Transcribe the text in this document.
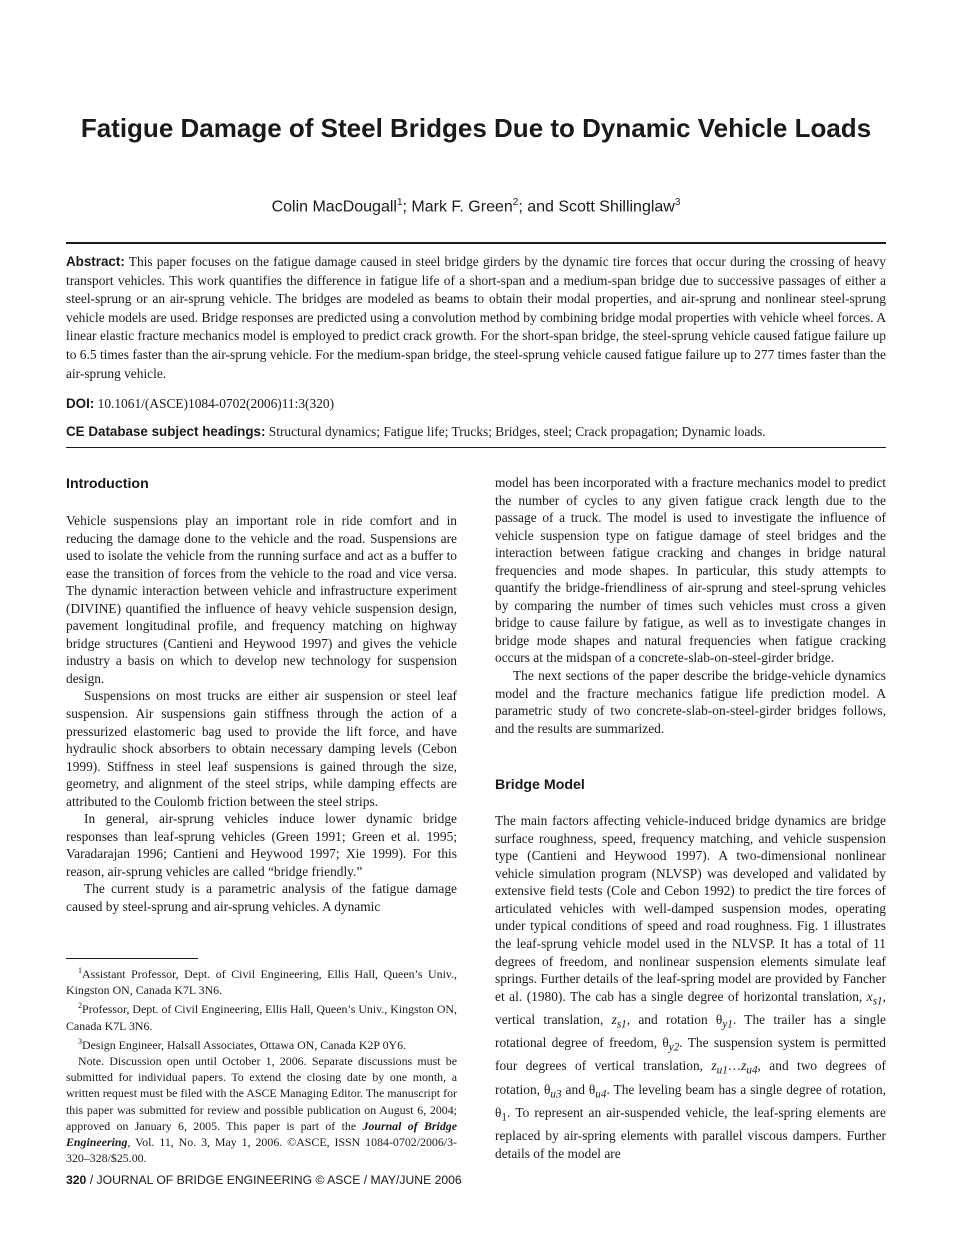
Fatigue Damage of Steel Bridges Due to Dynamic Vehicle Loads
Colin MacDougall$^1$; Mark F. Green$^2$; and Scott Shillinglaw$^3$

Abstract: This paper focuses on the fatigue damage caused in steel bridge girders by the dynamic tire forces that occur during the crossing of heavy transport vehicles. This work quantifies the difference in fatigue life of a short-span and a medium-span bridge due to successive passages of either a steel-sprung or an air-sprung vehicle. The bridges are modeled as beams to obtain their modal properties, and air-sprung and nonlinear steel-sprung vehicle models are used. Bridge responses are predicted using a convolution method by combining bridge modal properties with vehicle wheel forces. A linear elastic fracture mechanics model is employed to predict crack growth. For the short-span bridge, the steel-sprung vehicle caused fatigue failure up to 6.5 times faster than the air-sprung vehicle. For the medium-span bridge, the steel-sprung vehicle caused fatigue failure up to 277 times faster than the air-sprung vehicle.

DOI: 10.1061/(ASCE)1084-0702(2006)11:3(320)
CE Database subject headings: Structural dynamics; Fatigue life; Trucks; Bridges, steel; Crack propagation; Dynamic loads.
Introduction

Vehicle suspensions play an important role in ride comfort and in reducing the damage done to the vehicle and the road. Suspensions are used to isolate the vehicle from the running surface and act as a buffer to ease the transition of forces from the vehicle to the road and vice versa. The dynamic interaction between vehicle and infrastructure experiment (DIVINE) quantified the influence of heavy vehicle suspension design, pavement longitudinal profile, and frequency matching on highway bridge structures (Cantieni and Heywood 1997) and gives the vehicle industry a basis on which to develop new technology for suspension design.

Suspensions on most trucks are either air suspension or steel leaf suspension. Air suspensions gain stiffness through the action of a pressurized elastomeric bag used to provide the lift force, and have hydraulic shock absorbers to obtain necessary damping levels (Cebon 1999). Stiffness in steel leaf suspensions is gained through the size, geometry, and alignment of the steel strips, while damping effects are attributed to the Coulomb friction between the steel strips.

In general, air-sprung vehicles induce lower dynamic bridge responses than leaf-sprung vehicles (Green 1991; Green et al. 1995; Varadarajan 1996; Cantieni and Heywood 1997; Xie 1999). For this reason, air-sprung vehicles are called “bridge friendly.”

The current study is a parametric analysis of the fatigue damage caused by steel-sprung and air-sprung vehicles. A dynamic

$^1$Assistant Professor, Dept. of Civil Engineering, Ellis Hall, Queen’s Univ., Kingston ON, Canada K7L 3N6.

$^2$Professor, Dept. of Civil Engineering, Ellis Hall, Queen’s Univ., Kingston ON, Canada K7L 3N6.

$^3$Design Engineer, Halsall Associates, Ottawa ON, Canada K2P 0Y6.

Note. Discussion open until October 1, 2006. Separate discussions must be submitted for individual papers. To extend the closing date by one month, a written request must be filed with the ASCE Managing Editor. The manuscript for this paper was submitted for review and possible publication on August 6, 2004; approved on January 6, 2005. This paper is part of the Journal of Bridge Engineering, Vol. 11, No. 3, May 1, 2006. ©ASCE, ISSN 1084-0702/2006/3-320–328/$25.00.

model has been incorporated with a fracture mechanics model to predict the number of cycles to any given fatigue crack length due to the passage of a truck. The model is used to investigate the influence of vehicle suspension type on fatigue damage of steel bridges and the interaction between fatigue cracking and changes in bridge natural frequencies and mode shapes. In particular, this study attempts to quantify the bridge-friendliness of air-sprung and steel-sprung vehicles by comparing the number of times such vehicles must cross a given bridge to cause failure by fatigue, as well as to investigate changes in bridge mode shapes and natural frequencies when fatigue cracking occurs at the midspan of a concrete-slab-on-steel-girder bridge.

The next sections of the paper describe the bridge-vehicle dynamics model and the fracture mechanics fatigue life prediction model. A parametric study of two concrete-slab-on-steel-girder bridges follows, and the results are summarized.

Bridge Model

The main factors affecting vehicle-induced bridge dynamics are bridge surface roughness, speed, frequency matching, and vehicle suspension type (Cantieni and Heywood 1997). A two-dimensional nonlinear vehicle simulation program (NLVSP) was developed and validated by extensive field tests (Cole and Cebon 1992) to predict the tire forces of articulated vehicles with well-damped suspension modes, operating under typical conditions of speed and road roughness. Fig. 1 illustrates the leaf-sprung vehicle model used in the NLVSP. It has a total of 11 degrees of freedom, and nonlinear suspension elements simulate leaf springs. Further details of the leaf-spring model are provided by Fancher et al. (1980). The cab has a single degree of horizontal translation, $x_{s1}$, vertical translation, $z_{s1}$, and rotation $\theta_{y1}$. The trailer has a single rotational degree of freedom, $\theta_{y2}$. The suspension system is permitted four degrees of vertical translation, $z_{u1}\dots z_{u4}$, and two degrees of rotation, $\theta_{u3}$ and $\theta_{u4}$. The leveling beam has a single degree of rotation, $\theta_1$. To represent an air-suspended vehicle, the leaf-spring elements are replaced by air-spring elements with parallel viscous dampers. Further details of the model are

320 / JOURNAL OF BRIDGE ENGINEERING © ASCE / MAY/JUNE 2006
